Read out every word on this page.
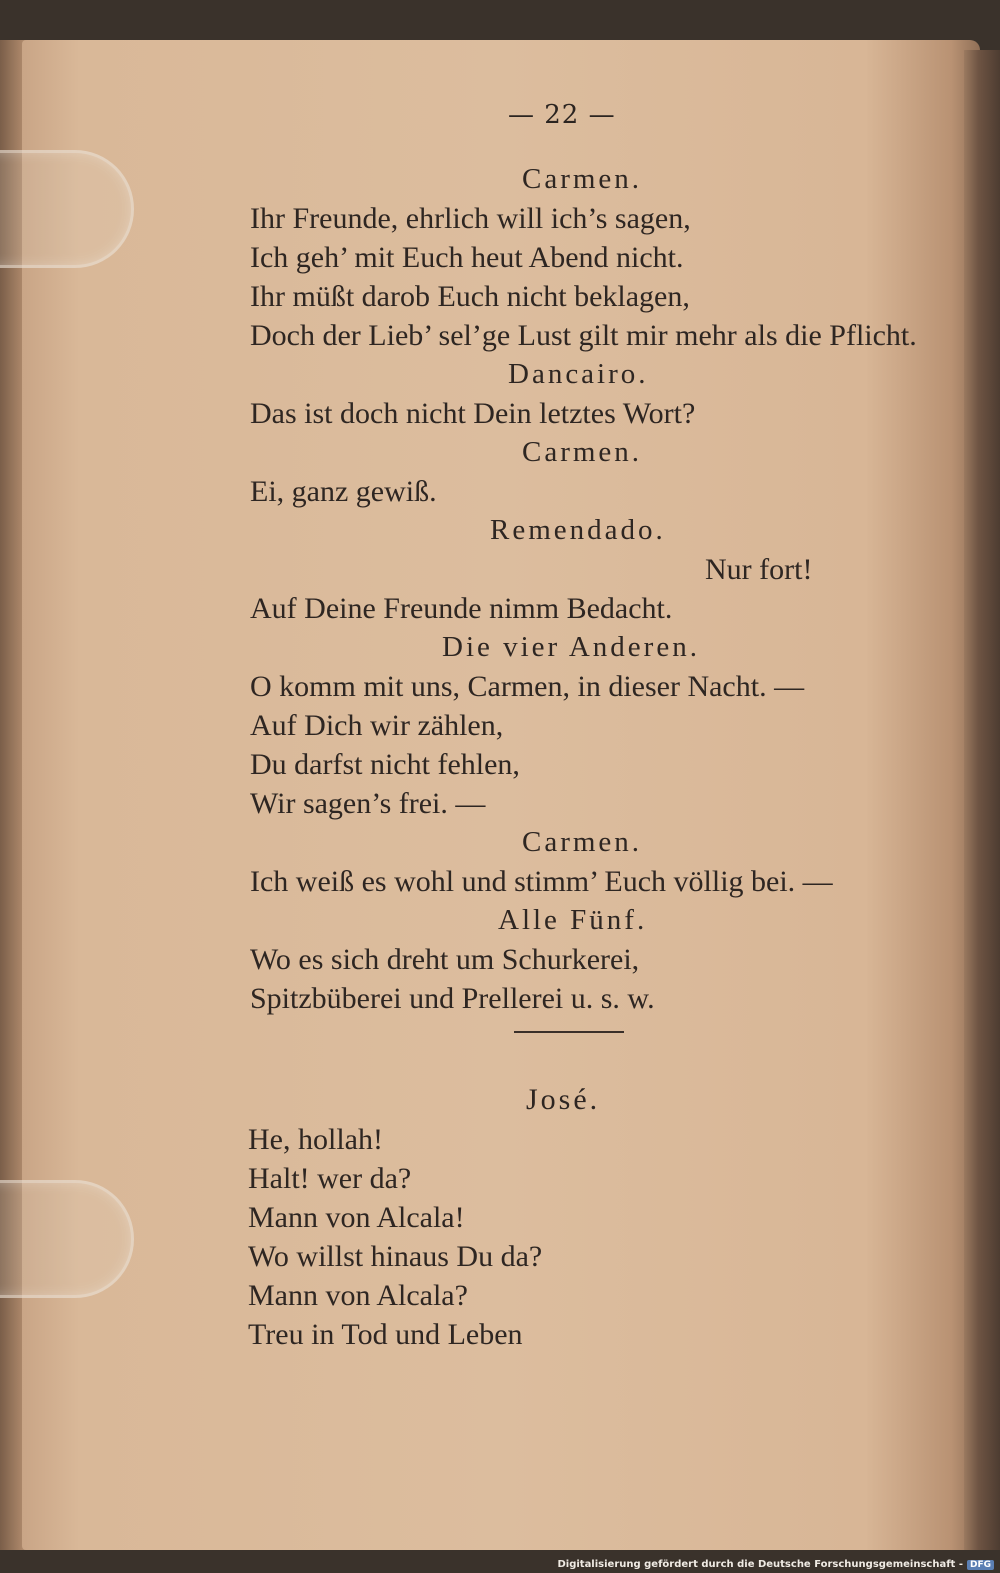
— 22 —
Carmen.
Ihr Freunde, ehrlich will ich’s sagen,
Ich geh’ mit Euch heut Abend nicht.
Ihr müßt darob Euch nicht beklagen,
Doch der Lieb’ sel’ge Lust gilt mir mehr als die Pflicht.
Dancairo.
Das ist doch nicht Dein letztes Wort?
Carmen.
Ei, ganz gewiß.
Remendado.
Nur fort!
Auf Deine Freunde nimm Bedacht.
Die vier Anderen.
O komm mit uns, Carmen, in dieser Nacht. —
Auf Dich wir zählen,
Du darfst nicht fehlen,
Wir sagen’s frei. —
Carmen.
Ich weiß es wohl und stimm’ Euch völlig bei. —
Alle Fünf.
Wo es sich dreht um Schurkerei,
Spitzbüberei und Prellerei u. s. w.
José.
He, hollah!
Halt! wer da?
Mann von Alcala!
Wo willst hinaus Du da?
Mann von Alcala?
Treu in Tod und Leben
Digitalisierung gefördert durch die Deutsche Forschungsgemeinschaft - DFG
